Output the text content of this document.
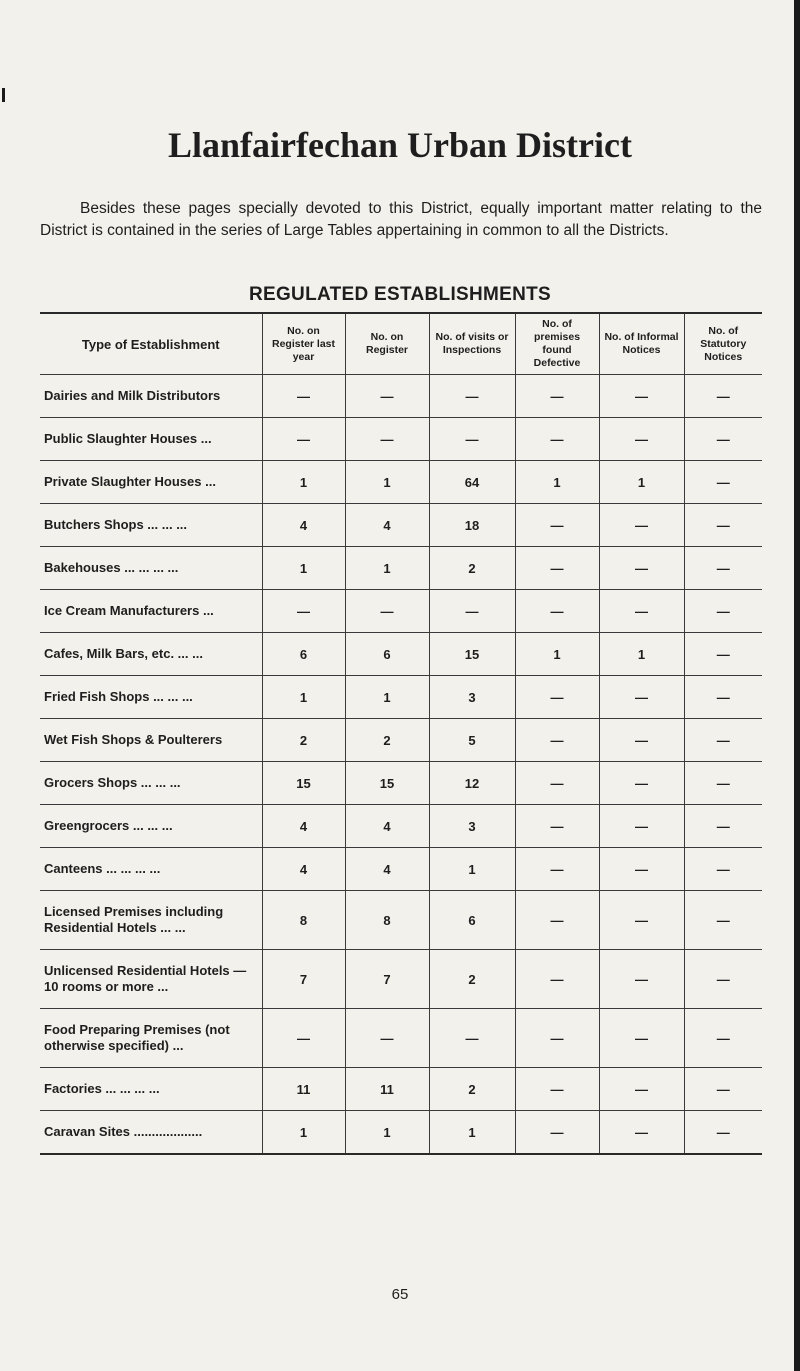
Llanfairfechan Urban District

Besides these pages specially devoted to this District, equally important matter relating to the District is contained in the series of Large Tables appertaining in common to all the Districts.

REGULATED ESTABLISHMENTS
Type of Establishment	No. on Register last year	No. on Register	No. of visits or Inspections	No. of premises found Defective	No. of Informal Notices	No. of Statutory Notices
Dairies and Milk Distributors	—	—	—	—	—	—
Public Slaughter Houses ...	—	—	—	—	—	—
Private Slaughter Houses ...	1	1	64	1	1	—
Butchers Shops ... ... ...	4	4	18	—	—	—
Bakehouses ... ... ... ...	1	1	2	—	—	—
Ice Cream Manufacturers ...	—	—	—	—	—	—
Cafes, Milk Bars, etc. ... ...	6	6	15	1	1	—
Fried Fish Shops ... ... ...	1	1	3	—	—	—
Wet Fish Shops & Poulterers	2	2	5	—	—	—
Grocers Shops ... ... ...	15	15	12	—	—	—
Greengrocers ... ... ...	4	4	3	—	—	—
Canteens ... ... ... ...	4	4	1	—	—	—
Licensed Premises including Residential Hotels ... ...	8	8	6	—	—	—
Unlicensed Residential Hotels —10 rooms or more ...	7	7	2	—	—	—
Food Preparing Premises (not otherwise specified) ...	—	—	—	—	—	—
Factories ... ... ... ...	11	11	2	—	—	—
Caravan Sites ...................	1	1	1	—	—	—
65
